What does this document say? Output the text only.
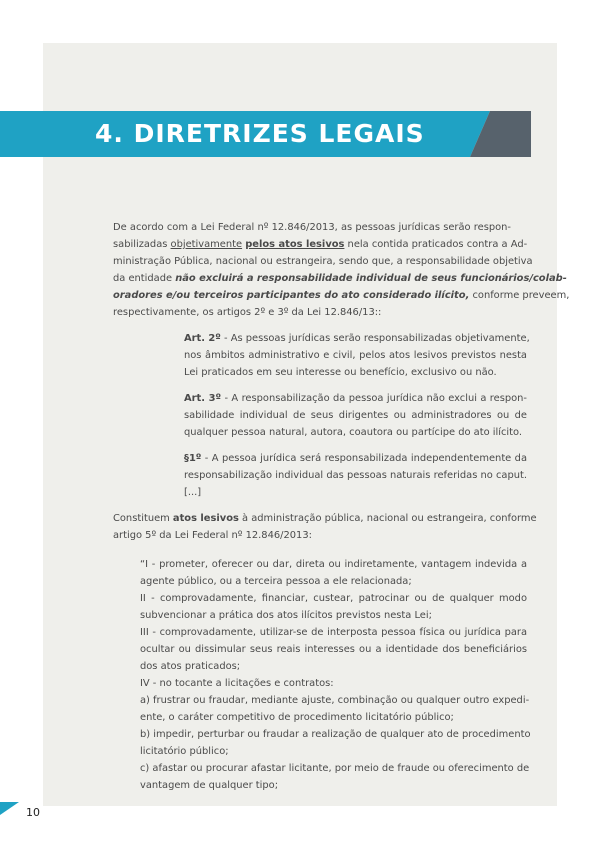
4. DIRETRIZES LEGAIS
De acordo com a Lei Federal nº 12.846/2013, as pessoas jurídicas serão respon-
sabilizadas objetivamente pelos atos lesivos nela contida praticados contra a Ad-
ministração Pública, nacional ou estrangeira, sendo que, a responsabilidade objetiva
da entidade não excluirá a responsabilidade individual de seus funcionários/colab-
oradores e/ou terceiros participantes do ato considerado ilícito, conforme preveem,
respectivamente, os artigos 2º e 3º da Lei 12.846/13::
Art. 2º - As pessoas jurídicas serão responsabilizadas objetivamente,
nos âmbitos administrativo e civil, pelos atos lesivos previstos nesta
Lei praticados em seu interesse ou benefício, exclusivo ou não.
Art. 3º - A responsabilização da pessoa jurídica não exclui a respon-
sabilidade individual de seus dirigentes ou administradores ou de
qualquer pessoa natural, autora, coautora ou partícipe do ato ilícito.
§1º - A pessoa jurídica será responsabilizada independentemente da
responsabilização individual das pessoas naturais referidas no caput.
[...]
Constituem atos lesivos à administração pública, nacional ou estrangeira, conforme
artigo 5º da Lei Federal nº 12.846/2013:
“I - prometer, oferecer ou dar, direta ou indiretamente, vantagem indevida a
agente público, ou a terceira pessoa a ele relacionada;
II - comprovadamente, financiar, custear, patrocinar ou de qualquer modo
subvencionar a prática dos atos ilícitos previstos nesta Lei;
III - comprovadamente, utilizar-se de interposta pessoa física ou jurídica para
ocultar ou dissimular seus reais interesses ou a identidade dos beneficiários
dos atos praticados;
IV - no tocante a licitações e contratos:
a) frustrar ou fraudar, mediante ajuste, combinação ou qualquer outro expedi-
ente, o caráter competitivo de procedimento licitatório público;
b) impedir, perturbar ou fraudar a realização de qualquer ato de procedimento
licitatório público;
c) afastar ou procurar afastar licitante, por meio de fraude ou oferecimento de
vantagem de qualquer tipo;
10
